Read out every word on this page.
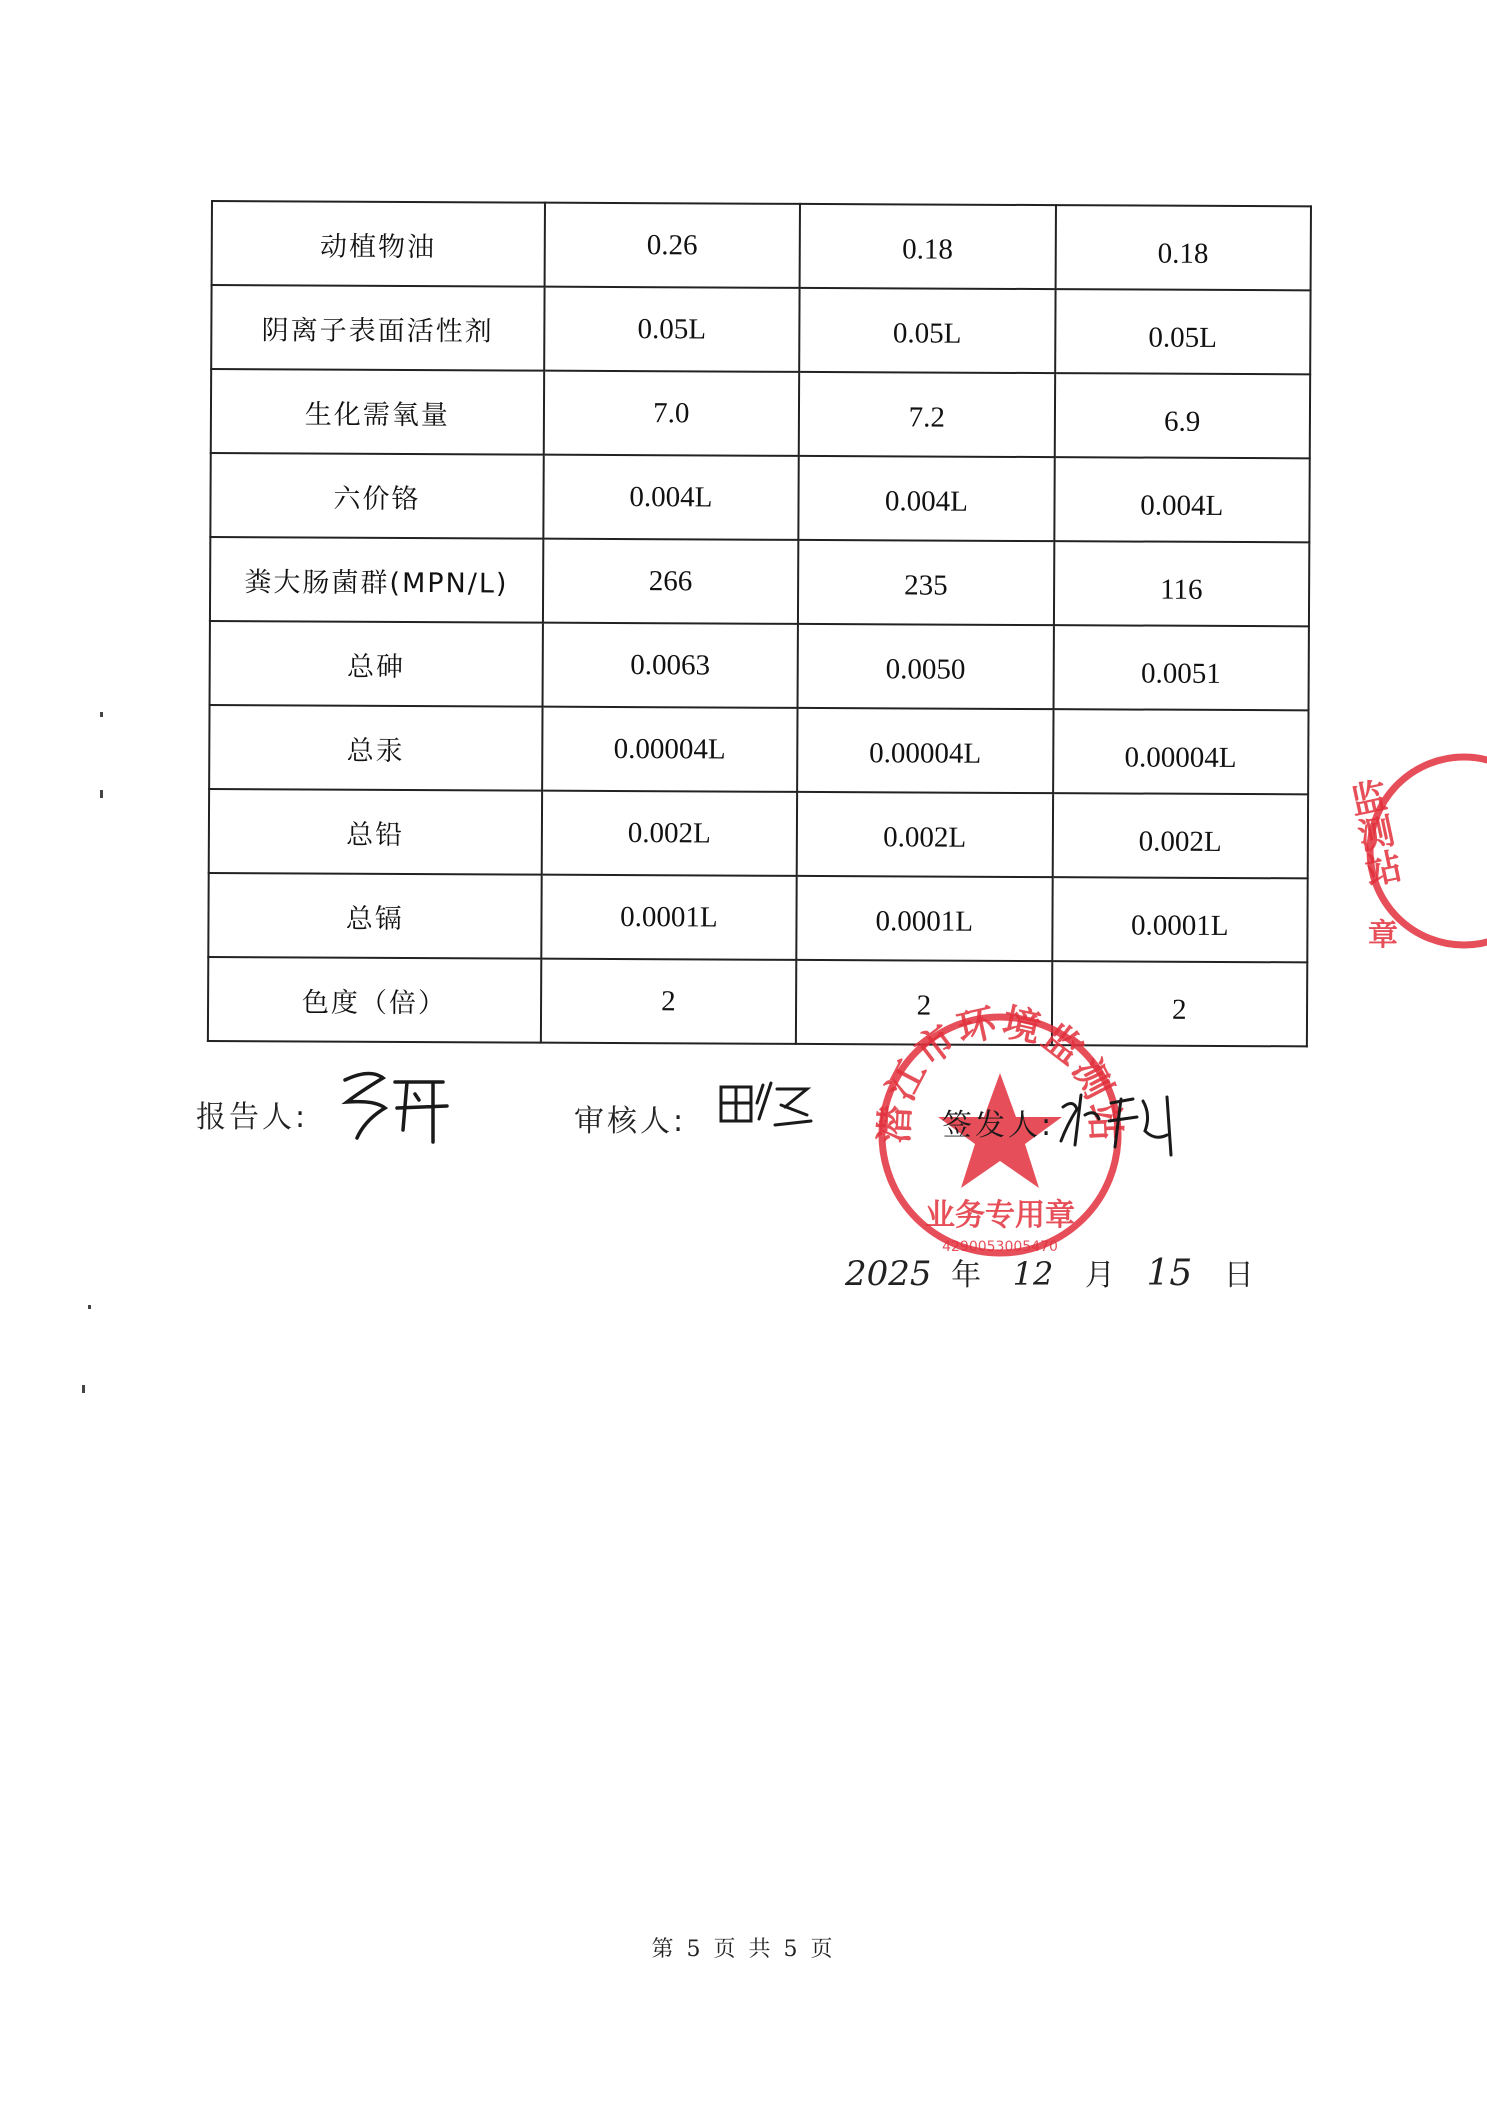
动植物油	0.26	0.18	0.18
阴离子表面活性剂	0.05L	0.05L	0.05L
生化需氧量	7.0	7.2	6.9
六价铬	0.004L	0.004L	0.004L
粪大肠菌群(MPN/L)	266	235	116
总砷	0.0063	0.0050	0.0051
总汞	0.00004L	0.00004L	0.00004L
总铅	0.002L	0.002L	0.002L
总镉	0.0001L	0.0001L	0.0001L
色度（倍）	2	2	2
监测站
章
报告人:	审核人:	潜江市环境监测站
业务专用章
4290053005470
签发人:
2025 年 12 月 15 日
第 5 页 共 5 页
